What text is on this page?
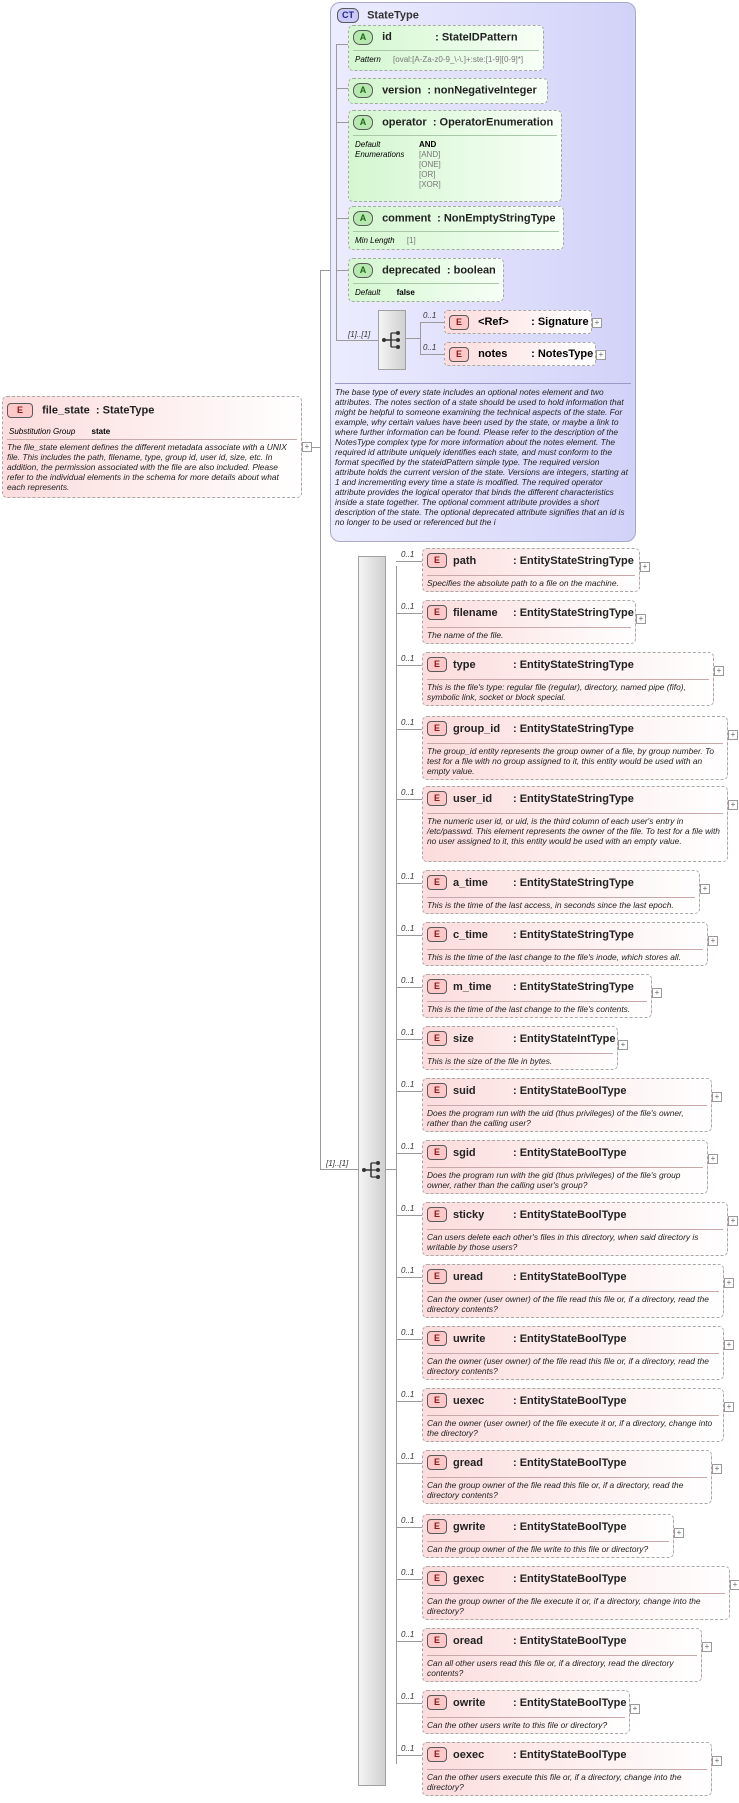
E file_state : StateType
Substitution Group state
The file_state element defines the different metadata associate with a UNIX file. This includes the path, filename, type, group id, user id, size, etc. In addition, the permission associated with the file are also included. Please refer to the individual elements in the schema for more details about what each represents.
+
CT StateType
The base type of every state includes an optional notes element and two attributes. The notes section of a state should be used to hold information that might be helpful to someone examining the technical aspects of the state. For example, why certain values have been used by the state, or maybe a link to where further information can be found. Please refer to the description of the NotesType complex type for more information about the notes element. The required id attribute uniquely identifies each state, and must conform to the format specified by the stateidPattern simple type. The required version attribute holds the current version of the state. Versions are integers, starting at 1 and incrementing every time a state is modified. The required operator attribute provides the logical operator that binds the different characteristics inside a state together. The optional comment attribute provides a short description of the state. The optional deprecated attribute signifies that an id is no longer to be used or referenced but the i
A id	: StateIDPattern
Pattern [oval:[A-Za-z0-9_\-\.]+:ste:[1-9][0-9]*]
A version : nonNegativeInteger
A operator : OperatorEnumeration
Default	AND
Enumerations [AND]
[ONE]
[OR]
[XOR]
A comment : NonEmptyStringType
Min Length [1]
A deprecated : boolean
Default false
[1]..[1]
0..1
E <Ref> : Signature +
0..1
E notes : NotesType +
[1]..[1]
E path	: EntityStateStringType
Specifies the absolute path to a file on the machine.
E filename : EntityStateStringType
The name of the file.
E type	: EntityStateStringType
This is the file's type: regular file (regular), directory, named pipe (fifo), symbolic link, socket or block special.
E group_id : EntityStateStringType
The group_id entity represents the group owner of a file, by group number. To test for a file with no group assigned to it, this entity would be used with an empty value.
E user_id : EntityStateStringType
The numeric user id, or uid, is the third column of each user's entry in /etc/passwd. This element represents the owner of the file. To test for a file with no user assigned to it, this entity would be used with an empty value.
E a_time : EntityStateStringType
This is the time of the last access, in seconds since the last epoch.
E c_time : EntityStateStringType
This is the time of the last change to the file's inode, which stores all.
E m_time : EntityStateStringType
This is the time of the last change to the file's contents.
E size	: EntityStateIntType
This is the size of the file in bytes.
E suid	: EntityStateBoolType
Does the program run with the uid (thus privileges) of the file's owner, rather than the calling user?
E sgid	: EntityStateBoolType
Does the program run with the gid (thus privileges) of the file's group owner, rather than the calling user's group?
E sticky	: EntityStateBoolType
Can users delete each other's files in this directory, when said directory is writable by those users?
E uread	: EntityStateBoolType
Can the owner (user owner) of the file read this file or, if a directory, read the directory contents?
E uwrite	: EntityStateBoolType
Can the owner (user owner) of the file read this file or, if a directory, read the directory contents?
E uexec	: EntityStateBoolType
Can the owner (user owner) of the file execute it or, if a directory, change into the directory?
E gread	: EntityStateBoolType
Can the group owner of the file read this file or, if a directory, read the directory contents?
E gwrite	: EntityStateBoolType
Can the group owner of the file write to this file or directory?
E gexec	: EntityStateBoolType
Can the group owner of the file execute it or, if a directory, change into the directory?
E oread	: EntityStateBoolType
Can all other users read this file or, if a directory, read the directory contents?
E owrite	: EntityStateBoolType
Can the other users write to this file or directory?
E oexec	: EntityStateBoolType
Can the other users execute this file or, if a directory, change into the directory?
0..1
+
0..1
+
0..1
+
0..1
+
0..1
+
0..1
+
0..1
+
0..1
+
0..1
+
0..1
+
0..1
+
0..1
+
0..1
+
0..1
+
0..1
+
0..1
+
0..1
+
0..1
+
0..1
+
0..1
+
0..1
+
